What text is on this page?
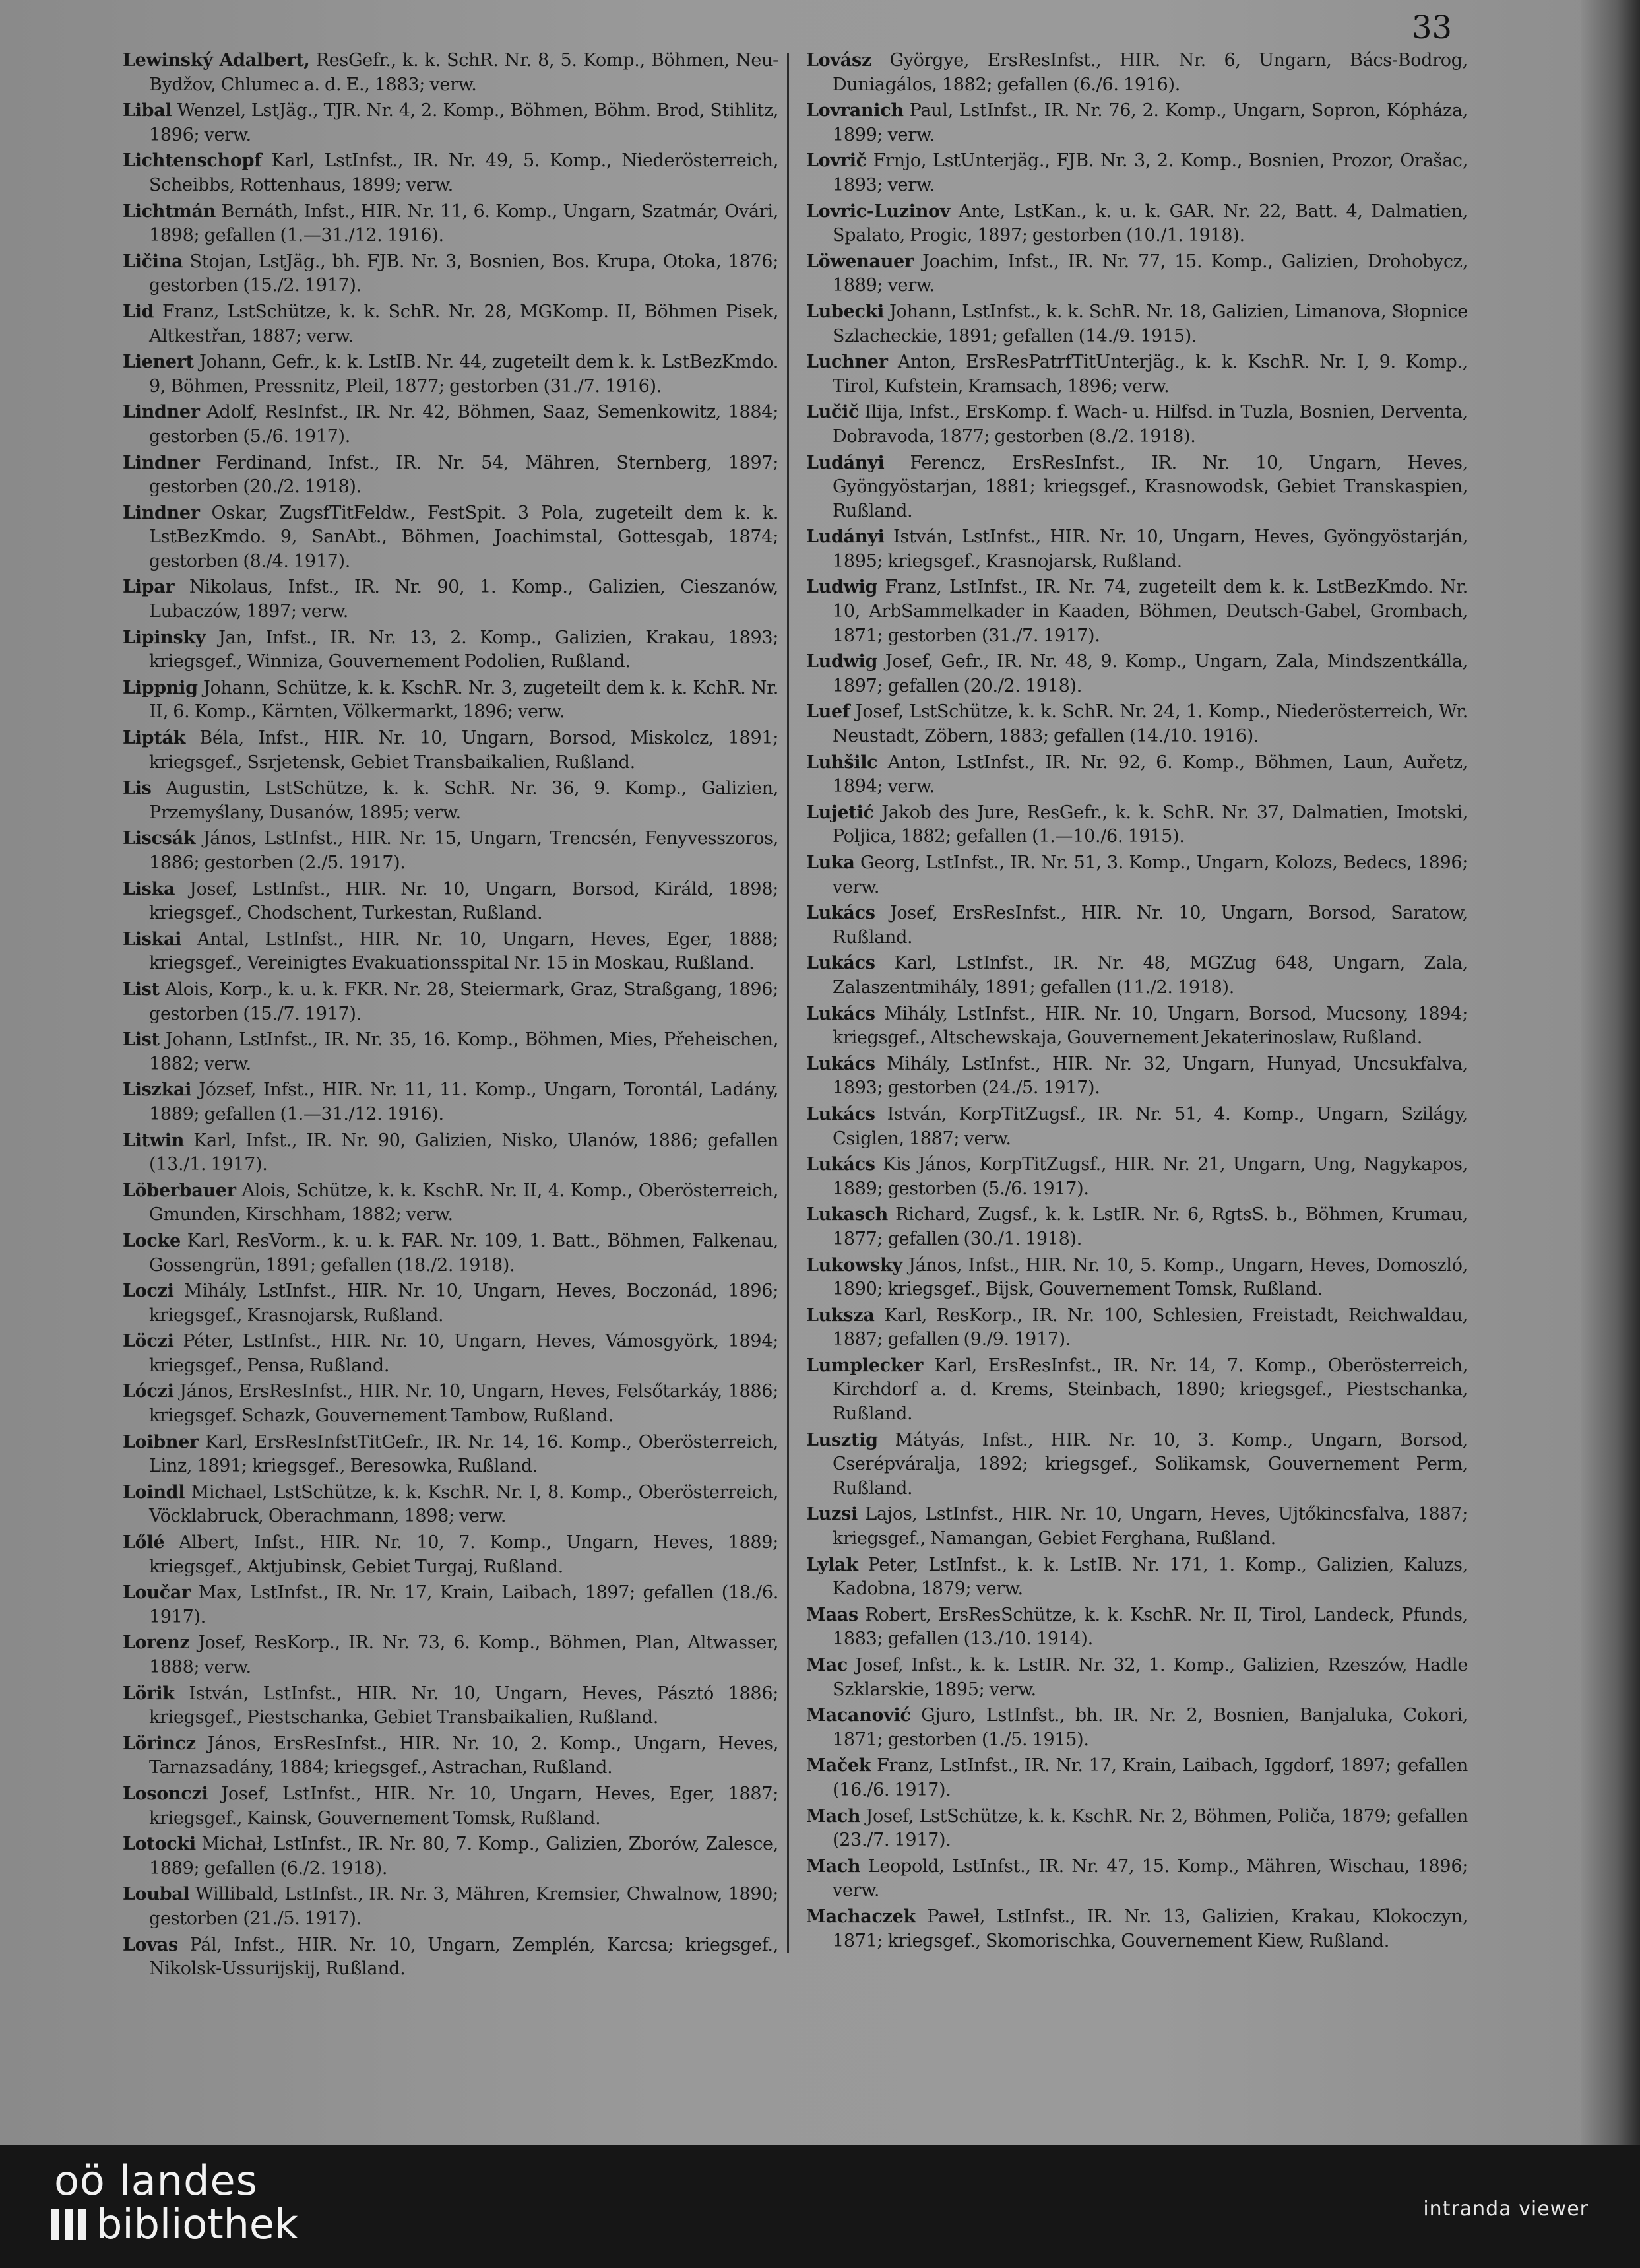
33
Lewinský Adalbert, ResGefr., k. k. SchR. Nr. 8, 5. Komp., Böhmen, Neu-Bydžov, Chlumec a. d. E., 1883; verw.
Libal Wenzel, LstJäg., TJR. Nr. 4, 2. Komp., Böhmen, Böhm. Brod, Stihlitz, 1896; verw.
Lichtenschopf Karl, LstInfst., IR. Nr. 49, 5. Komp., Niederösterreich, Scheibbs, Rottenhaus, 1899; verw.
Lichtmán Bernáth, Infst., HIR. Nr. 11, 6. Komp., Ungarn, Szatmár, Ovári, 1898; gefallen (1.—31./12. 1916).
Ličina Stojan, LstJäg., bh. FJB. Nr. 3, Bosnien, Bos. Krupa, Otoka, 1876; gestorben (15./2. 1917).
Lid Franz, LstSchütze, k. k. SchR. Nr. 28, MGKomp. II, Böhmen Pisek, Altkestřan, 1887; verw.
Lienert Johann, Gefr., k. k. LstIB. Nr. 44, zugeteilt dem k. k. LstBezKmdo. 9, Böhmen, Pressnitz, Pleil, 1877; gestorben (31./7. 1916).
Lindner Adolf, ResInfst., IR. Nr. 42, Böhmen, Saaz, Semenkowitz, 1884; gestorben (5./6. 1917).
Lindner Ferdinand, Infst., IR. Nr. 54, Mähren, Sternberg, 1897; gestorben (20./2. 1918).
Lindner Oskar, ZugsfTitFeldw., FestSpit. 3 Pola, zugeteilt dem k. k. LstBezKmdo. 9, SanAbt., Böhmen, Joachimstal, Gottesgab, 1874; gestorben (8./4. 1917).
Lipar Nikolaus, Infst., IR. Nr. 90, 1. Komp., Galizien, Cieszanów, Lubaczów, 1897; verw.
Lipinsky Jan, Infst., IR. Nr. 13, 2. Komp., Galizien, Krakau, 1893; kriegsgef., Winniza, Gouvernement Podolien, Rußland.
Lippnig Johann, Schütze, k. k. KschR. Nr. 3, zugeteilt dem k. k. KchR. Nr. II, 6. Komp., Kärnten, Völkermarkt, 1896; verw.
Lipták Béla, Infst., HIR. Nr. 10, Ungarn, Borsod, Miskolcz, 1891; kriegsgef., Ssrjetensk, Gebiet Transbaikalien, Rußland.
Lis Augustin, LstSchütze, k. k. SchR. Nr. 36, 9. Komp., Galizien, Przemyślany, Dusanów, 1895; verw.
Liscsák János, LstInfst., HIR. Nr. 15, Ungarn, Trencsén, Fenyvesszoros, 1886; gestorben (2./5. 1917).
Liska Josef, LstInfst., HIR. Nr. 10, Ungarn, Borsod, Királd, 1898; kriegsgef., Chodschent, Turkestan, Rußland.
Liskai Antal, LstInfst., HIR. Nr. 10, Ungarn, Heves, Eger, 1888; kriegsgef., Vereinigtes Evakuationsspital Nr. 15 in Moskau, Rußland.
List Alois, Korp., k. u. k. FKR. Nr. 28, Steiermark, Graz, Straßgang, 1896; gestorben (15./7. 1917).
List Johann, LstInfst., IR. Nr. 35, 16. Komp., Böhmen, Mies, Přeheischen, 1882; verw.
Liszkai József, Infst., HIR. Nr. 11, 11. Komp., Ungarn, Torontál, Ladány, 1889; gefallen (1.—31./12. 1916).
Litwin Karl, Infst., IR. Nr. 90, Galizien, Nisko, Ulanów, 1886; gefallen (13./1. 1917).
Löberbauer Alois, Schütze, k. k. KschR. Nr. II, 4. Komp., Oberösterreich, Gmunden, Kirschham, 1882; verw.
Locke Karl, ResVorm., k. u. k. FAR. Nr. 109, 1. Batt., Böhmen, Falkenau, Gossengrün, 1891; gefallen (18./2. 1918).
Loczi Mihály, LstInfst., HIR. Nr. 10, Ungarn, Heves, Boczonád, 1896; kriegsgef., Krasnojarsk, Rußland.
Löczi Péter, LstInfst., HIR. Nr. 10, Ungarn, Heves, Vámosgyörk, 1894; kriegsgef., Pensa, Rußland.
Lóczi János, ErsResInfst., HIR. Nr. 10, Ungarn, Heves, Felsőtarkáy, 1886; kriegsgef. Schazk, Gouvernement Tambow, Rußland.
Loibner Karl, ErsResInfstTitGefr., IR. Nr. 14, 16. Komp., Oberösterreich, Linz, 1891; kriegsgef., Beresowka, Rußland.
Loindl Michael, LstSchütze, k. k. KschR. Nr. I, 8. Komp., Oberösterreich, Vöcklabruck, Oberachmann, 1898; verw.
Lőlé Albert, Infst., HIR. Nr. 10, 7. Komp., Ungarn, Heves, 1889; kriegsgef., Aktjubinsk, Gebiet Turgaj, Rußland.
Loučar Max, LstInfst., IR. Nr. 17, Krain, Laibach, 1897; gefallen (18./6. 1917).
Lorenz Josef, ResKorp., IR. Nr. 73, 6. Komp., Böhmen, Plan, Altwasser, 1888; verw.
Lörik István, LstInfst., HIR. Nr. 10, Ungarn, Heves, Pásztó 1886; kriegsgef., Piestschanka, Gebiet Transbaikalien, Rußland.
Lörincz János, ErsResInfst., HIR. Nr. 10, 2. Komp., Ungarn, Heves, Tarnazsadány, 1884; kriegsgef., Astrachan, Rußland.
Losonczi Josef, LstInfst., HIR. Nr. 10, Ungarn, Heves, Eger, 1887; kriegsgef., Kainsk, Gouvernement Tomsk, Rußland.
Lotocki Michał, LstInfst., IR. Nr. 80, 7. Komp., Galizien, Zborów, Zalesce, 1889; gefallen (6./2. 1918).
Loubal Willibald, LstInfst., IR. Nr. 3, Mähren, Kremsier, Chwalnow, 1890; gestorben (21./5. 1917).
Lovas Pál, Infst., HIR. Nr. 10, Ungarn, Zemplén, Karcsa; kriegsgef., Nikolsk-Ussurijskij, Rußland.
Lovász Györgye, ErsResInfst., HIR. Nr. 6, Ungarn, Bács-Bodrog, Duniagálos, 1882; gefallen (6./6. 1916).
Lovranich Paul, LstInfst., IR. Nr. 76, 2. Komp., Ungarn, Sopron, Kópháza, 1899; verw.
Lovrič Frnjo, LstUnterjäg., FJB. Nr. 3, 2. Komp., Bosnien, Prozor, Orašac, 1893; verw.
Lovric-Luzinov Ante, LstKan., k. u. k. GAR. Nr. 22, Batt. 4, Dalmatien, Spalato, Progic, 1897; gestorben (10./1. 1918).
Löwenauer Joachim, Infst., IR. Nr. 77, 15. Komp., Galizien, Drohobycz, 1889; verw.
Lubecki Johann, LstInfst., k. k. SchR. Nr. 18, Galizien, Limanova, Słopnice Szlacheckie, 1891; gefallen (14./9. 1915).
Luchner Anton, ErsResPatrfTitUnterjäg., k. k. KschR. Nr. I, 9. Komp., Tirol, Kufstein, Kramsach, 1896; verw.
Lučič Ilija, Infst., ErsKomp. f. Wach- u. Hilfsd. in Tuzla, Bosnien, Derventa, Dobravoda, 1877; gestorben (8./2. 1918).
Ludányi Ferencz, ErsResInfst., IR. Nr. 10, Ungarn, Heves, Gyöngyöstarjan, 1881; kriegsgef., Krasnowodsk, Gebiet Transkaspien, Rußland.
Ludányi István, LstInfst., HIR. Nr. 10, Ungarn, Heves, Gyöngyöstarján, 1895; kriegsgef., Krasnojarsk, Rußland.
Ludwig Franz, LstInfst., IR. Nr. 74, zugeteilt dem k. k. LstBezKmdo. Nr. 10, ArbSammelkader in Kaaden, Böhmen, Deutsch-Gabel, Grombach, 1871; gestorben (31./7. 1917).
Ludwig Josef, Gefr., IR. Nr. 48, 9. Komp., Ungarn, Zala, Mindszentkálla, 1897; gefallen (20./2. 1918).
Luef Josef, LstSchütze, k. k. SchR. Nr. 24, 1. Komp., Niederösterreich, Wr. Neustadt, Zöbern, 1883; gefallen (14./10. 1916).
Luhšilc Anton, LstInfst., IR. Nr. 92, 6. Komp., Böhmen, Laun, Auřetz, 1894; verw.
Lujetić Jakob des Jure, ResGefr., k. k. SchR. Nr. 37, Dalmatien, Imotski, Poljica, 1882; gefallen (1.—10./6. 1915).
Luka Georg, LstInfst., IR. Nr. 51, 3. Komp., Ungarn, Kolozs, Bedecs, 1896; verw.
Lukács Josef, ErsResInfst., HIR. Nr. 10, Ungarn, Borsod, Saratow, Rußland.
Lukács Karl, LstInfst., IR. Nr. 48, MGZug 648, Ungarn, Zala, Zalaszentmihály, 1891; gefallen (11./2. 1918).
Lukács Mihály, LstInfst., HIR. Nr. 10, Ungarn, Borsod, Mucsony, 1894; kriegsgef., Altschewskaja, Gouvernement Jekaterinoslaw, Rußland.
Lukács Mihály, LstInfst., HIR. Nr. 32, Ungarn, Hunyad, Uncsukfalva, 1893; gestorben (24./5. 1917).
Lukács István, KorpTitZugsf., IR. Nr. 51, 4. Komp., Ungarn, Szilágy, Csiglen, 1887; verw.
Lukács Kis János, KorpTitZugsf., HIR. Nr. 21, Ungarn, Ung, Nagykapos, 1889; gestorben (5./6. 1917).
Lukasch Richard, Zugsf., k. k. LstIR. Nr. 6, RgtsS. b., Böhmen, Krumau, 1877; gefallen (30./1. 1918).
Lukowsky János, Infst., HIR. Nr. 10, 5. Komp., Ungarn, Heves, Domoszló, 1890; kriegsgef., Bijsk, Gouvernement Tomsk, Rußland.
Luksza Karl, ResKorp., IR. Nr. 100, Schlesien, Freistadt, Reichwaldau, 1887; gefallen (9./9. 1917).
Lumplecker Karl, ErsResInfst., IR. Nr. 14, 7. Komp., Oberösterreich, Kirchdorf a. d. Krems, Steinbach, 1890; kriegsgef., Piestschanka, Rußland.
Lusztig Mátyás, Infst., HIR. Nr. 10, 3. Komp., Ungarn, Borsod, Cserépváralja, 1892; kriegsgef., Solikamsk, Gouvernement Perm, Rußland.
Luzsi Lajos, LstInfst., HIR. Nr. 10, Ungarn, Heves, Ujtőkincsfalva, 1887; kriegsgef., Namangan, Gebiet Ferghana, Rußland.
Lylak Peter, LstInfst., k. k. LstIB. Nr. 171, 1. Komp., Galizien, Kaluzs, Kadobna, 1879; verw.
Maas Robert, ErsResSchütze, k. k. KschR. Nr. II, Tirol, Landeck, Pfunds, 1883; gefallen (13./10. 1914).
Mac Josef, Infst., k. k. LstIR. Nr. 32, 1. Komp., Galizien, Rzeszów, Hadle Szklarskie, 1895; verw.
Macanović Gjuro, LstInfst., bh. IR. Nr. 2, Bosnien, Banjaluka, Cokori, 1871; gestorben (1./5. 1915).
Maček Franz, LstInfst., IR. Nr. 17, Krain, Laibach, Iggdorf, 1897; gefallen (16./6. 1917).
Mach Josef, LstSchütze, k. k. KschR. Nr. 2, Böhmen, Poliča, 1879; gefallen (23./7. 1917).
Mach Leopold, LstInfst., IR. Nr. 47, 15. Komp., Mähren, Wischau, 1896; verw.
Machaczek Paweł, LstInfst., IR. Nr. 13, Galizien, Krakau, Klokoczyn, 1871; kriegsgef., Skomorischka, Gouvernement Kiew, Rußland.
oö landes
bibliothek	intranda viewer
